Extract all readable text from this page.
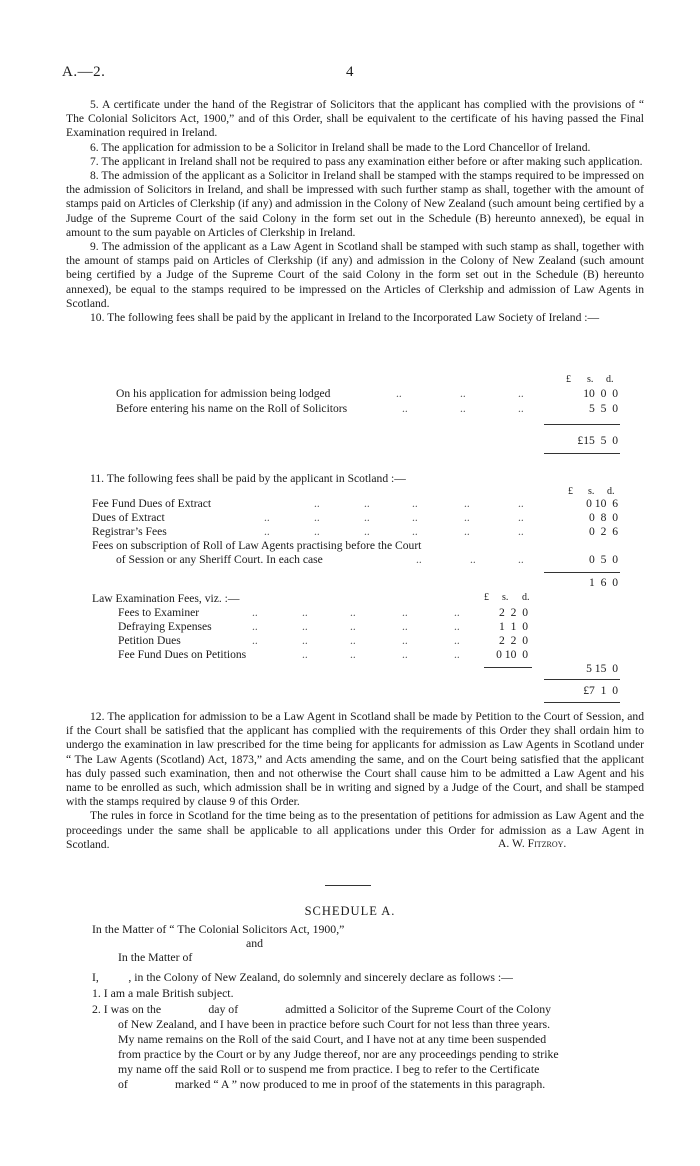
A.—2.	4

5. A certificate under the hand of the Registrar of Solicitors that the applicant has complied with the provisions of “ The Colonial Solicitors Act, 1900,” and of this Order, shall be equivalent to the certificate of his having passed the Final Examination required in Ireland.

6. The application for admission to be a Solicitor in Ireland shall be made to the Lord Chancellor of Ireland.

7. The applicant in Ireland shall not be required to pass any examination either before or after making such application.

8. The admission of the applicant as a Solicitor in Ireland shall be stamped with the stamps required to be impressed on the admission of Solicitors in Ireland, and shall be impressed with such further stamp as shall, together with the amount of stamps paid on Articles of Clerkship (if any) and admission in the Colony of New Zealand (such amount being certified by a Judge of the Supreme Court of the said Colony in the form set out in the Schedule (B) hereunto annexed), be equal in amount to the sum payable on Articles of Clerkship in Ireland.

9. The admission of the applicant as a Law Agent in Scotland shall be stamped with such stamp as shall, together with the amount of stamps paid on Articles of Clerkship (if any) and admission in the Colony of New Zealand (such amount being certified by a Judge of the Supreme Court of the said Colony in the form set out in the Schedule (B) hereunto annexed), be equal to the stamps required to be impressed on the Articles of Clerkship and admission of Law Agents in Scotland.

10. The following fees shall be paid by the applicant in Ireland to the Incorporated Law Society of Ireland :—

£ s. d.
On his application for admission being lodged	..	..	..	10  0  0
Before entering his name on the Roll of Solicitors	..	..	..	5  5  0
£15  5  0
11. The following fees shall be paid by the applicant in Scotland :—
£ s. d.
Fee Fund Dues of Extract	..	..	..	..	..	0 10  6
Dues of Extract	..	..	..	..	..	..	0  8  0
Registrar’s Fees	..	..	..	..	..	..	0  2  6
Fees on subscription of Roll of Law Agents practising before the Court
of Session or any Sheriff Court. In each case	..	..	..	0  5  0
1  6  0
Law Examination Fees, viz. :—	£ s. d.
Fees to Examiner	..	..	..	..	..	2  2  0
Defraying Expenses	..	..	..	..	..	1  1  0
Petition Dues	..	..	..	..	..	2  2  0
Fee Fund Dues on Petitions	..	..	..	..	0 10  0
5 15  0
£7  1  0

12. The application for admission to be a Law Agent in Scotland shall be made by Petition to the Court of Session, and if the Court shall be satisfied that the applicant has complied with the requirements of this Order they shall ordain him to undergo the examination in law prescribed for the time being for applicants for admission as Law Agents in Scotland under “ The Law Agents (Scotland) Act, 1873,” and Acts amending the same, and on the Court being satisfied that the applicant has duly passed such examination, then and not otherwise the Court shall cause him to be admitted a Law Agent and his name to be enrolled as such, which admission shall be in writing and signed by a Judge of the Court, and shall be stamped with the stamps required by clause 9 of this Order.

The rules in force in Scotland for the time being as to the presentation of petitions for admission as Law Agent and the proceedings under the same shall be applicable to all applications under this Order for admission as a Law Agent in Scotland.	A. W. Fitzroy.
SCHEDULE A.
In the Matter of “ The Colonial Solicitors Act, 1900,”
and
In the Matter of
I,          , in the Colony of New Zealand, do solemnly and sincerely declare as follows :—
1. I am a male British subject.
2. I was on the                day of                admitted a Solicitor of the Supreme Court of the Colony
of New Zealand, and I have been in practice before such Court for not less than three years.
My name remains on the Roll of the said Court, and I have not at any time been suspended
from practice by the Court or by any Judge thereof, nor are any proceedings pending to strike
my name off the said Roll or to suspend me from practice. I beg to refer to the Certificate
of                marked “ A ” now produced to me in proof of the statements in this paragraph.
